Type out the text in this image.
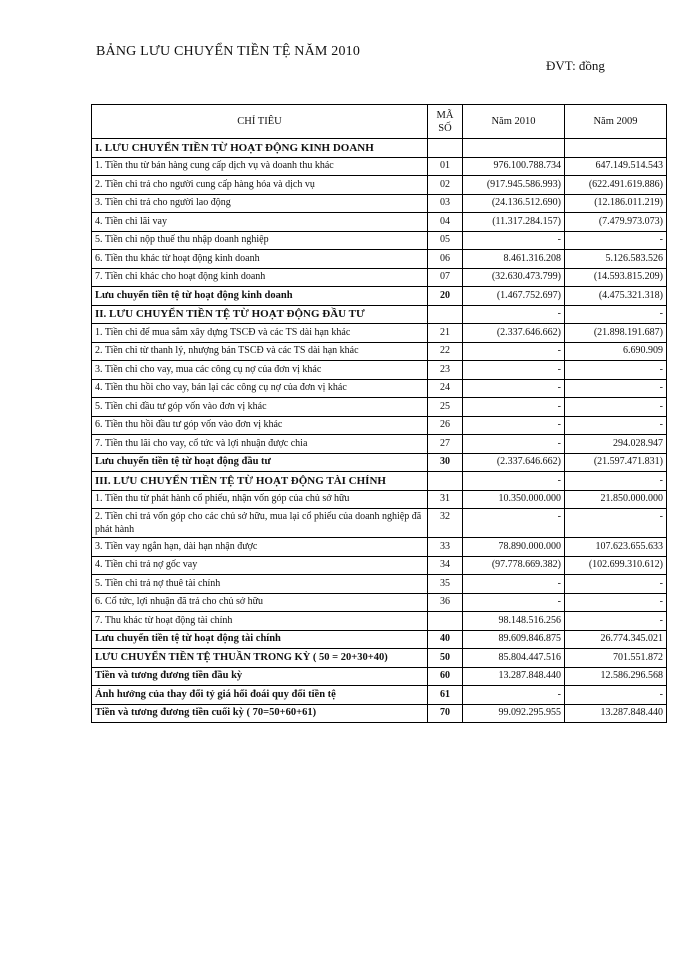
BẢNG LƯU CHUYỂN TIỀN TỆ NĂM 2010
ĐVT: đồng
CHỈ TIÊU	MÃ SỐ	Năm 2010	Năm 2009
I. LƯU CHUYỂN TIỀN TỪ HOẠT ĐỘNG KINH DOANH			
1. Tiền thu từ bán hàng cung cấp dịch vụ và doanh thu khác	01	976.100.788.734	647.149.514.543
2. Tiền chi trả cho người cung cấp hàng hóa và dịch vụ	02	(917.945.586.993)	(622.491.619.886)
3. Tiền chi trả cho người lao động	03	(24.136.512.690)	(12.186.011.219)
4. Tiền chi lãi vay	04	(11.317.284.157)	(7.479.973.073)
5. Tiền chi nộp thuế thu nhập doanh nghiệp	05	-	-
6. Tiền thu khác từ hoạt động kinh doanh	06	8.461.316.208	5.126.583.526
7. Tiền chi khác cho hoạt động kinh doanh	07	(32.630.473.799)	(14.593.815.209)
Lưu chuyển tiền tệ từ hoạt động kinh doanh	20	(1.467.752.697)	(4.475.321.318)
II. LƯU CHUYỂN TIỀN TỆ TỪ HOẠT ĐỘNG ĐẦU TƯ		-	-
1. Tiền chi để mua sắm xây dựng TSCĐ và các TS dài hạn khác	21	(2.337.646.662)	(21.898.191.687)
2. Tiền chi từ thanh lý, nhượng bán TSCĐ và các TS dài hạn khác	22	-	6.690.909
3. Tiền chi cho vay, mua các công cụ nợ của đơn vị khác	23	-	-
4. Tiền thu hồi cho vay, bán lại các công cụ nợ của đơn vị khác	24	-	-
5. Tiền chi đầu tư góp vốn vào đơn vị khác	25	-	-
6. Tiền thu hồi đầu tư góp vốn vào đơn vị khác	26	-	-
7. Tiền thu lãi cho vay, cổ tức và lợi nhuận được chia	27	-	294.028.947
Lưu chuyển tiền tệ từ hoạt động đầu tư	30	(2.337.646.662)	(21.597.471.831)
III. LƯU CHUYỂN TIỀN TỆ TỪ HOẠT ĐỘNG TÀI CHÍNH		-	-
1. Tiền thu từ phát hành cổ phiếu, nhận vốn góp của chủ sở hữu	31	10.350.000.000	21.850.000.000
2. Tiền chi trả vốn góp cho các chủ sở hữu, mua lại cổ phiếu của doanh nghiệp đã phát hành	32	-	-
3. Tiền vay ngắn hạn, dài hạn nhận được	33	78.890.000.000	107.623.655.633
4. Tiền chi trả nợ gốc vay	34	(97.778.669.382)	(102.699.310.612)
5. Tiền chi trả nợ thuê tài chính	35	-	-
6. Cổ tức, lợi nhuận đã trả cho chủ sở hữu	36	-	-
7. Thu khác từ hoạt động tài chính		98.148.516.256	-
Lưu chuyển tiền tệ từ hoạt động tài chính	40	89.609.846.875	26.774.345.021
LƯU CHUYỂN TIỀN TỆ THUẦN TRONG KỲ ( 50 = 20+30+40)	50	85.804.447.516	701.551.872
Tiền và tương đương tiền đầu kỳ	60	13.287.848.440	12.586.296.568
Ảnh hưởng của thay đổi tỷ giá hối đoái quy đổi tiền tệ	61	-	-
Tiền và tương đương tiền cuối kỳ ( 70=50+60+61)	70	99.092.295.955	13.287.848.440
